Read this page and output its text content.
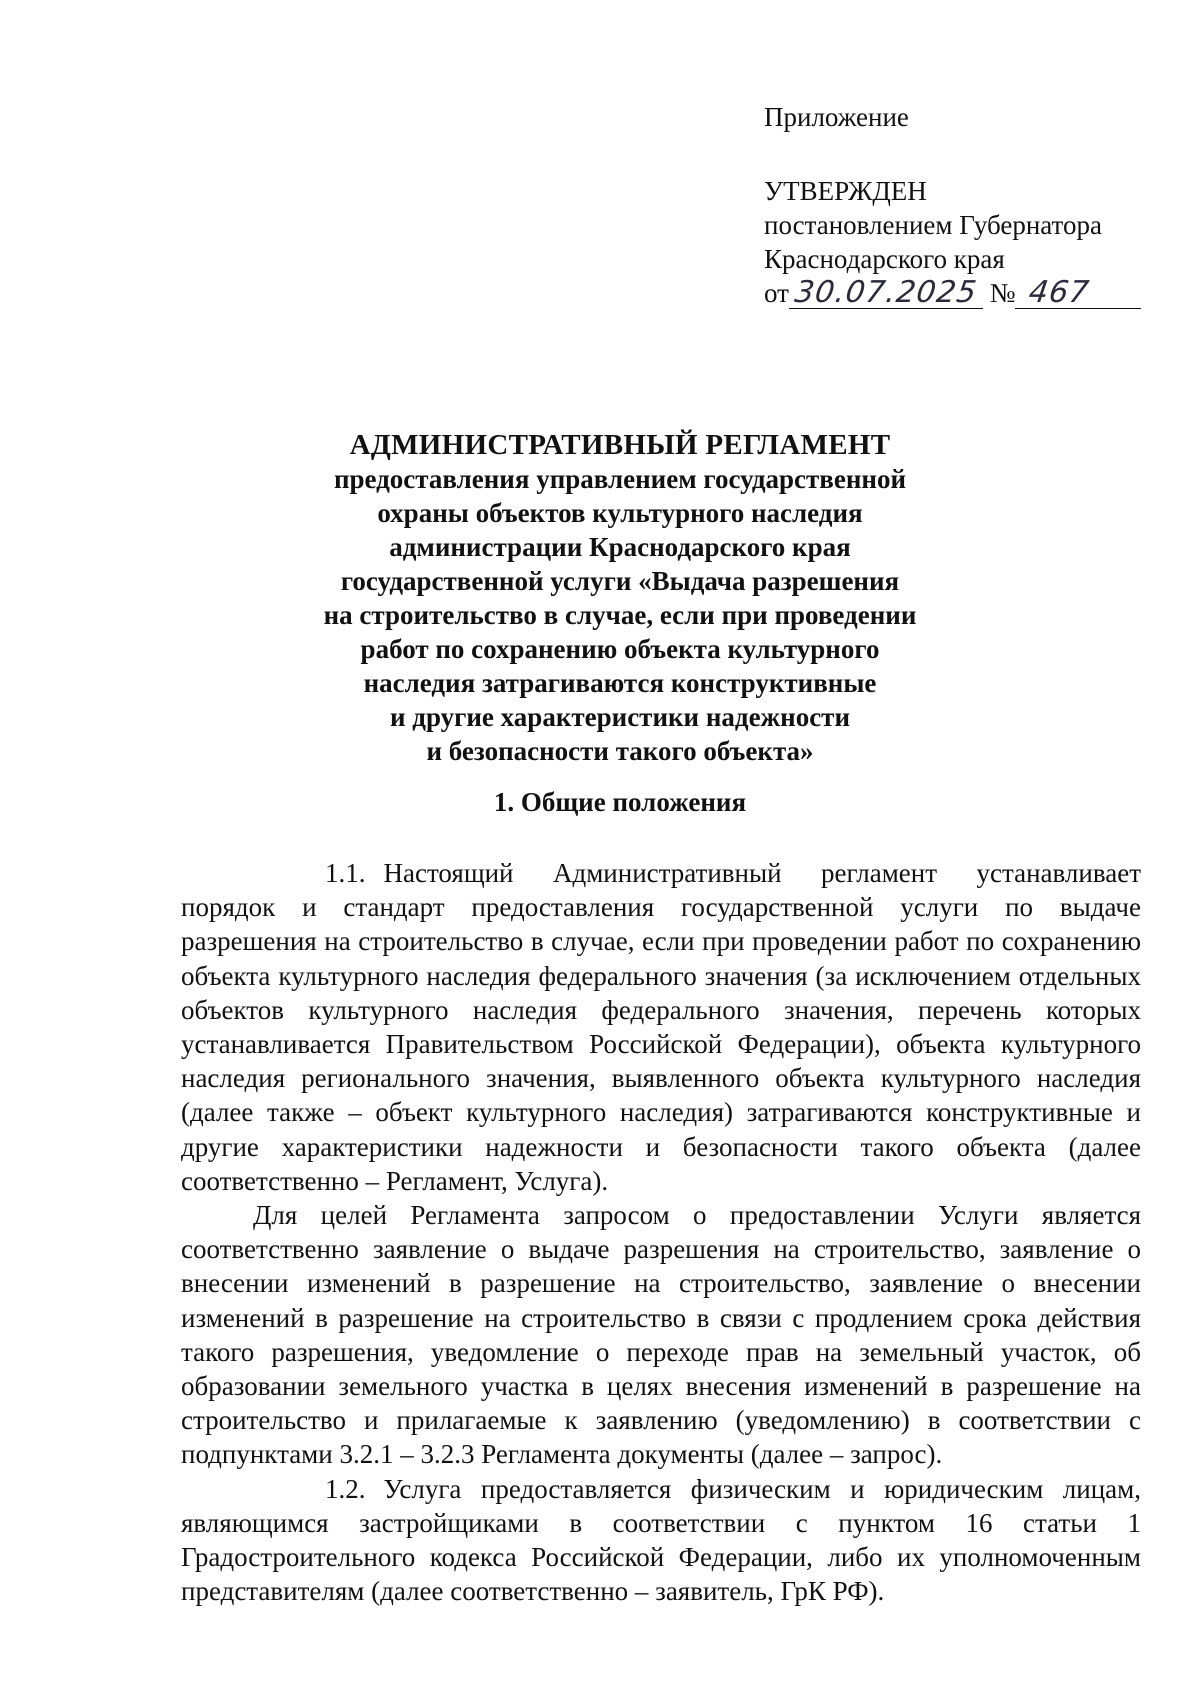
Приложение
УТВЕРЖДЕН
постановлением Губернатора
Краснодарского края
от 30.07.2025 № 467
АДМИНИСТРАТИВНЫЙ РЕГЛАМЕНТ
предоставления управлением государственной
охраны объектов культурного наследия
администрации Краснодарского края
государственной услуги «Выдача разрешения
на строительство в случае, если при проведении
работ по сохранению объекта культурного
наследия затрагиваются конструктивные
и другие характеристики надежности
и безопасности такого объекта»
1. Общие положения

1.1. Настоящий Административный регламент устанавливает порядок и стандарт предоставления государственной услуги по выдаче разрешения на строительство в случае, если при проведении работ по сохранению объекта культурного наследия федерального значения (за исключением отдельных объектов культурного наследия федерального значения, перечень которых устанавливается Правительством Российской Федерации), объекта культурного наследия регионального значения, выявленного объекта культурного наследия (далее также – объект культурного наследия) затрагиваются конструктивные и другие характеристики надежности и безопасности такого объекта (далее соответственно – Регламент, Услуга).

Для целей Регламента запросом о предоставлении Услуги является соответственно заявление о выдаче разрешения на строительство, заявление о внесении изменений в разрешение на строительство, заявление о внесении изменений в разрешение на строительство в связи с продлением срока действия такого разрешения, уведомление о переходе прав на земельный участок, об образовании земельного участка в целях внесения изменений в разрешение на строительство и прилагаемые к заявлению (уведомлению) в соответствии с подпунктами 3.2.1 – 3.2.3 Регламента документы (далее – запрос).

1.2. Услуга предоставляется физическим и юридическим лицам, являющимся застройщиками в соответствии с пунктом 16 статьи 1 Градостроительного кодекса Российской Федерации, либо их уполномоченным представителям (далее соответственно – заявитель, ГрК РФ).
